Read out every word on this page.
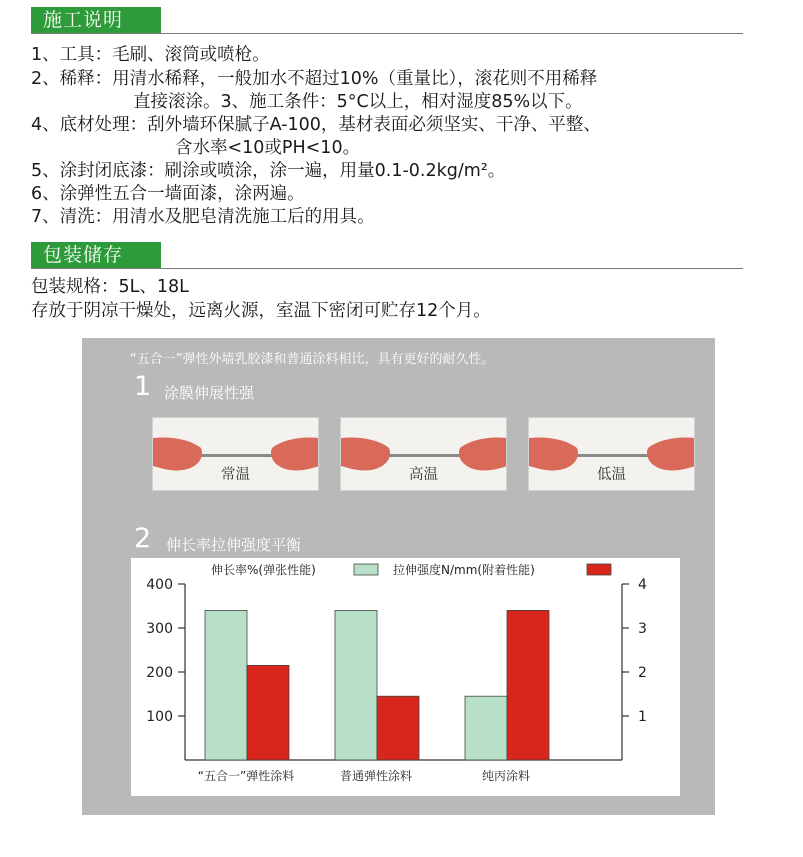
施工说明
1、工具：毛刷、滚筒或喷枪。
2、稀释：用清水稀释，一般加水不超过10%（重量比），滚花则不用稀释
直接滚涂。3、施工条件：5°C以上，相对湿度85%以下。
4、底材处理：刮外墙环保腻子A-100，基材表面必须坚实、干净、平整、
含水率<10或PH<10。
5、涂封闭底漆：刷涂或喷涂，涂一遍，用量0.1-0.2kg/m²。
6、涂弹性五合一墙面漆，涂两遍。
7、清洗：用清水及肥皂清洗施工后的用具。
包装储存
包装规格：5L、18L
存放于阴凉干燥处，远离火源，室温下密闭可贮存12个月。
“五合一”弹性外墙乳胶漆和普通涂料相比，具有更好的耐久性。
1 涂膜伸展性强
常温	高温	低温
2 伸长率拉伸强度平衡
100
200
300
400
1
2
3
4
“五合一”弹性涂料	普通弹性涂料	纯丙涂料
伸长率%(弹张性能)	拉伸强度N/mm(附着性能)
